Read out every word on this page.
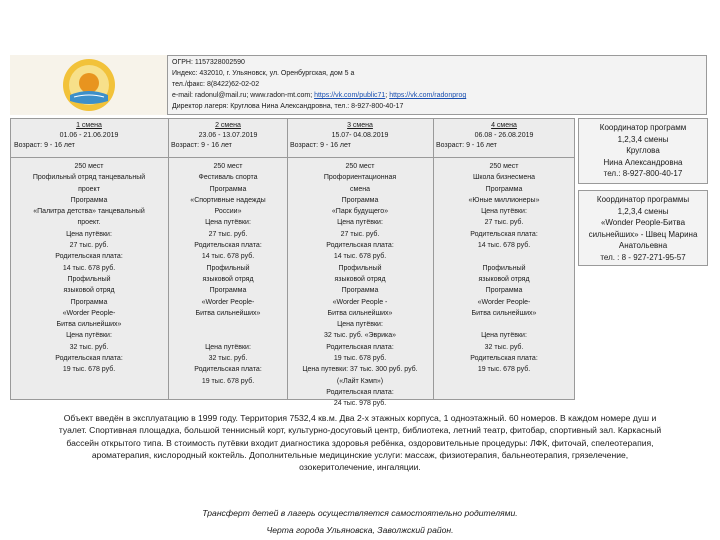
ОГРН: 1157328002590
Индекс: 432010, г. Ульяновск, ул. Оренбургская, дом 5 а
тел./факс: 8(8422)62-02-02
e-mail: radonul@mail.ru; www.radon-mt.com; https://vk.com/public71; https://vk.com/radonprog
Директор лагеря: Круглова Нина Александровна, тел.: 8-927-800-40-17
1 смена
01.06 - 21.06.2019
Возраст: 9 - 16 лет
2 смена
23.06 - 13.07.2019
Возраст: 9 - 16 лет
3 смена
15.07- 04.08.2019
Возраст: 9 - 16 лет
4 смена
06.08 - 26.08.2019
Возраст: 9 - 16 лет
250 мест
Профильный отряд танцевальный
проект
Программа
«Палитра детства» танцевальный
проект.
Цена путёвки:
27 тыс. руб.
Родительская плата:
14 тыс. 678 руб.
Профильный
языковой отряд
Программа
«Worder People-
Битва сильнейших»
Цена путёвки:
32 тыс. руб.
Родительская плата:
19 тыс. 678 руб.
250 мест
Фестиваль спорта
Программа
«Спортивные надежды
России»
Цена путёвки:
27 тыс. руб.
Родительская плата:
14 тыс. 678 руб.
Профильный
языковой отряд
Программа
«Worder People-
Битва сильнейших»

Цена путёвки:
32 тыс. руб.
Родительская плата:
19 тыс. 678 руб.
250 мест
Профориентационная
смена
Программа
«Парк будущего»
Цена путёвки:
27 тыс. руб.
Родительская плата:
14 тыс. 678 руб.
Профильный
языковой отряд
Программа
«Worder People -
Битва сильнейших»
Цена путёвки:
32 тыс. руб. «Эврика»
Родительская плата:
19 тыс. 678 руб.
Цена путевки: 37 тыс. 300 руб. руб.
(«Лайт Кэмп»)
Родительская плата:
24 тыс. 978 руб.
250 мест
Школа бизнесмена
Программа
«Юные миллионеры»
Цена путёвки:
27 тыс. руб.
Родительская плата:
14 тыс. 678 руб.

Профильный
языковой отряд
Программа
«Worder People-
Битва сильнейших»

Цена путёвки:
32 тыс. руб.
Родительская плата:
19 тыс. 678 руб.
Координатор программ
1,2,3,4 смены
Круглова
Нина Александровна
тел.: 8-927-800-40-17
Координатор программы
1,2,3,4 смены
«Wonder People-Битва
сильнейших» - Швец Марина
Анатольевна
тел. : 8 - 927-271-95-57
Объект введён в эксплуатацию в 1999 году. Территория 7532,4 кв.м. Два 2-х этажных корпуса, 1 одноэтажный. 60 номеров. В каждом номере душ и
туалет. Спортивная площадка, большой теннисный корт, культурно-досуговый центр, библиотека, летний театр, фитобар, спортивный зал. Каркасный
бассейн открытого типа. В стоимость путёвки входит диагностика здоровья ребёнка, оздоровительные процедуры: ЛФК, фиточай, спелеотерапия,
ароматерапия, кислородный коктейль. Дополнительные медицинские услуги: массаж, физиотерапия, бальнеотерапия, грязелечение,
озокеритолечение, ингаляции.
Трансферт детей в лагерь осуществляется самостоятельно родителями.
Черта города Ульяновска, Заволжский район.
